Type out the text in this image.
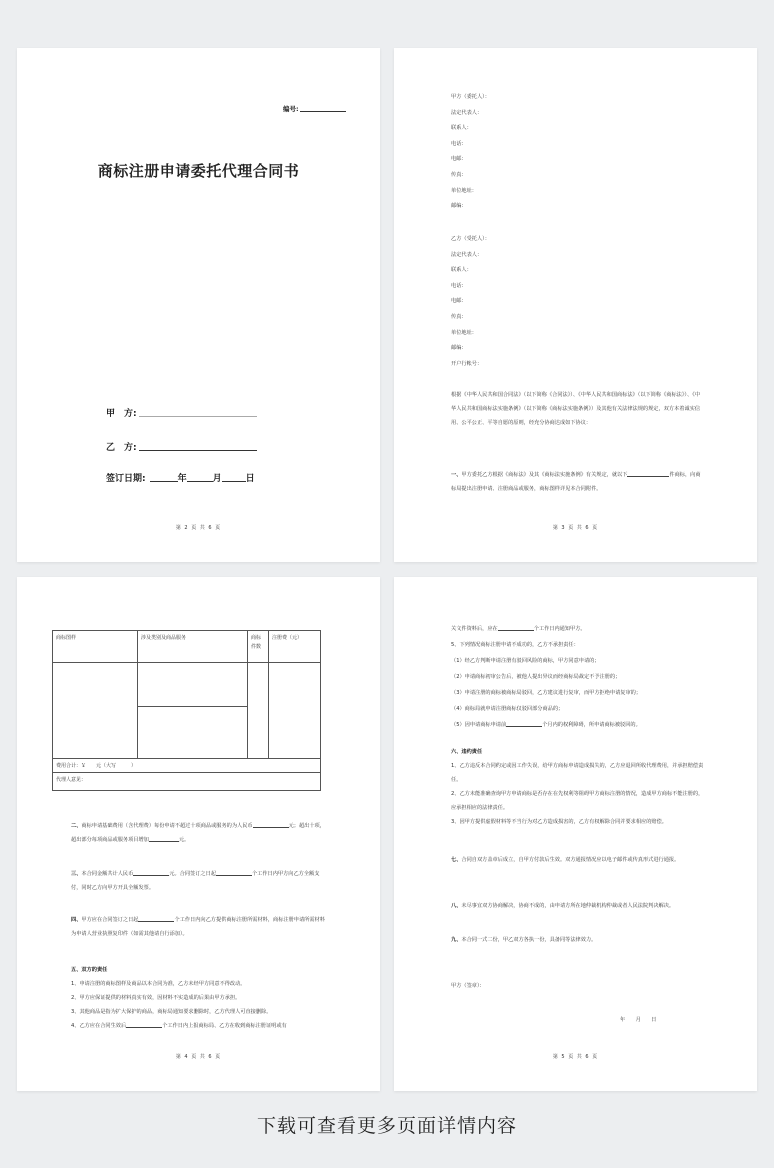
编号:
商标注册申请委托代理合同书
甲　方:
乙　方:
签订日期:	年	月	日
第 2 页 共 6 页
甲方（委托人）：
法定代表人：
联系人：
电话：
电邮：
传真：
单位地址：
邮编：
乙方（受托人）：
法定代表人：
联系人：
电话：
电邮：
传真：
单位地址：
邮编：
开户行帐号：
根据《中华人民共和国合同法》（以下简称《合同法》）、《中华人民共和国商标法》（以下简称《商标法》）、《中华人民共和国商标法实施条例》（以下简称《商标法实施条例》）及其他有关法律法规的规定，双方本着诚实信用、公平公正、平等自愿的原则，经充分协商达成如下协议：
一、甲方委托乙方根据《商标法》及其《商标法实施条例》有关规定，就以下	件商标，向商标局提出注册申请、注册商品或服务，商标图样详见本合同附件。
第 3 页 共 6 页
商标图样	涉及类别及商品服务	商标件数	注册费（元）

费用合计：￥　　元（大写　　　）			
代理人意见：			
二、商标申请基础费用（含代理费）每份申请不超过十项商品或服务的为人民币	元；超出十项，超出部分每项商品或服务项目增加	元。
三、本合同金额共计人民币	元。合同签订之日起	个工作日内甲方向乙方全额支付，同时乙方向甲方开具全额发票。
四、甲方应在合同签订之日起	个工作日内向乙方提供商标注册所需材料，商标注册申请所需材料为申请人营业执照复印件（如需其他请自行添加）。
五、双方的责任
1、申请注册的商标图样及商品以本合同为准，乙方未经甲方同意不得改动。
2、甲方应保证提供的材料真实有效，因材料不实造成的后果由甲方承担。
3、其他商品是指为扩大保护的商品，商标局通知要求删除时，乙方代理人可直接删除。
4、乙方应在合同生效后	个工作日内上报商标局、乙方在收到商标注册证明或有
第 4 页 共 6 页
关文件资料后，应在	个工作日内通知甲方。
5、下列情况商标注册申请不成功的，乙方不承担责任：
（1）经乙方判断申请注册有驳回风险的商标，甲方同意申请的；
（2）申请商标初审公告后，被他人提出异议而经商标局裁定不予注册的；
（3）申请注册的商标被商标局驳回，乙方建议进行复审，而甲方拒绝申请复审的；
（4）商标局就申请注册商标仅驳回部分商品的；
（5）因申请商标申请前	个月内的权利障碍，所申请商标被驳回的。
六、违约责任
1、乙方违反本合同约定或因工作失误，给甲方商标申请造成损失的，乙方应退回所收代理费用，并承担赔偿责任。
2、乙方未能准确查询甲方申请商标是否存在在先权利等阻碍甲方商标注册的情况，造成甲方商标不能注册的，应承担相应的法律责任。
3、因甲方提供虚假材料等不当行为对乙方造成损害的，乙方有权解除合同并要求相应的赔偿。
七、合同自双方盖章后成立，自甲方付款后生效。双方通报情况应以电子邮件或传真形式进行通报。
八、未尽事宜双方协商解决，协商不成的，由申请方所在地仲裁机构仲裁或者人民法院判决解决。
九、本合同一式二份，甲乙双方各执一份，具备同等法律效力。
甲方（签章）：
年　　月　　日
第 5 页 共 6 页
下载可查看更多页面详情内容
